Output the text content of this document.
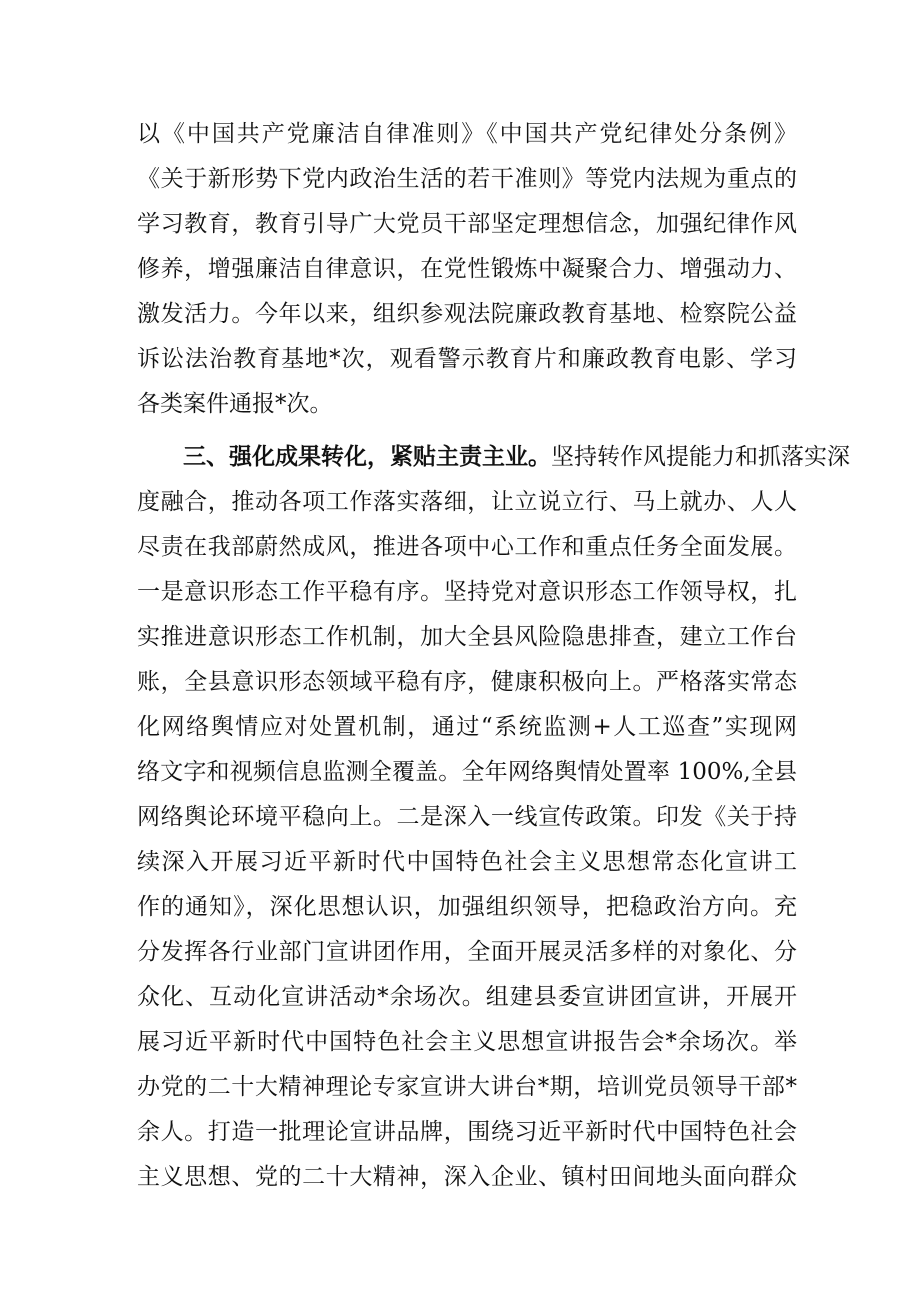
以《中国共产党廉洁自律准则》《中国共产党纪律处分条例》
《关于新形势下党内政治生活的若干准则》等党内法规为重点的
学习教育，教育引导广大党员干部坚定理想信念，加强纪律作风
修养，增强廉洁自律意识，在党性锻炼中凝聚合力、增强动力、
激发活力。今年以来，组织参观法院廉政教育基地、检察院公益
诉讼法治教育基地*次，观看警示教育片和廉政教育电影、学习
各类案件通报*次。
三、强化成果转化，紧贴主责主业。坚持转作风提能力和抓落实深
度融合，推动各项工作落实落细，让立说立行、马上就办、人人
尽责在我部蔚然成风，推进各项中心工作和重点任务全面发展。
一是意识形态工作平稳有序。坚持党对意识形态工作领导权，扎
实推进意识形态工作机制，加大全县风险隐患排查，建立工作台
账，全县意识形态领域平稳有序，健康积极向上。严格落实常态
化网络舆情应对处置机制，通过“系统监测+人工巡查”实现网
络文字和视频信息监测全覆盖。全年网络舆情处置率 100%,全县
网络舆论环境平稳向上。二是深入一线宣传政策。印发《关于持
续深入开展习近平新时代中国特色社会主义思想常态化宣讲工
作的通知》，深化思想认识，加强组织领导，把稳政治方向。充
分发挥各行业部门宣讲团作用，全面开展灵活多样的对象化、分
众化、互动化宣讲活动*余场次。组建县委宣讲团宣讲，开展开
展习近平新时代中国特色社会主义思想宣讲报告会*余场次。举
办党的二十大精神理论专家宣讲大讲台*期，培训党员领导干部*
余人。打造一批理论宣讲品牌，围绕习近平新时代中国特色社会
主义思想、党的二十大精神，深入企业、镇村田间地头面向群众
